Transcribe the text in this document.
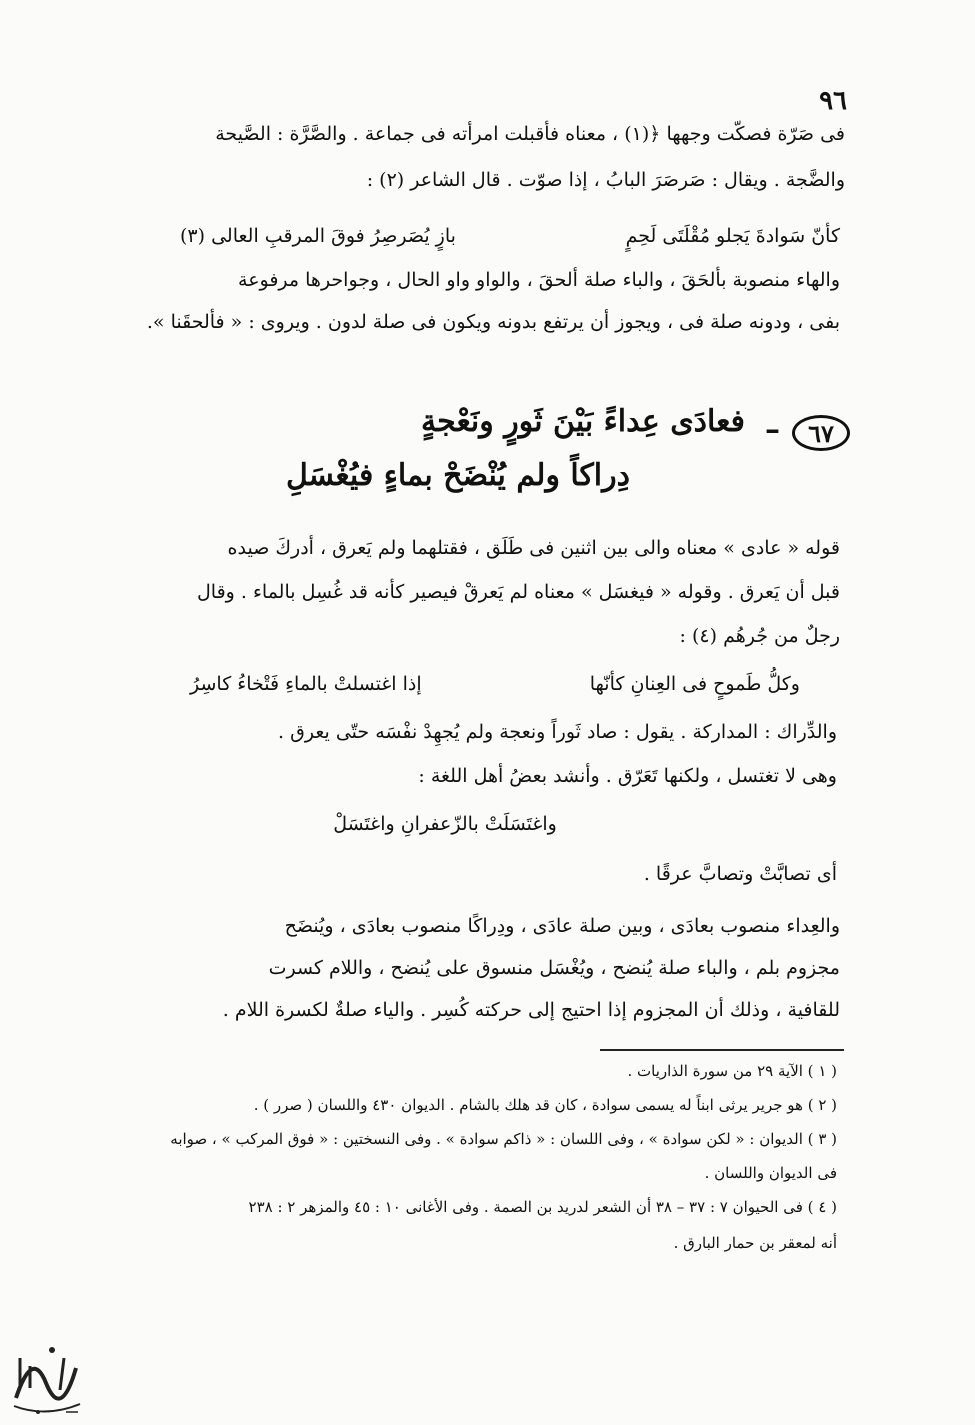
٩٦

فى صَرّة فصكّت وجهها ﴿(١) ، معناه فأقبلت امرأته فى جماعة . والصَّرَّة : الصَّيحة

والضَّجة . ويقال : صَرصَرَ البابُ ، إذا صوّت . قال الشاعر (٢) :

كأنّ سَوادةَ يَجلو مُقْلَتَى لَحِمٍ
بازٍ يُصَرصِرُ فوقَ المرقبِ العالى (٣)

والهاء منصوبة بألحَقَ ، والباء صلة ألحقَ ، والواو واو الحال ، وجواحرها مرفوعة

بفى ، ودونه صلة فى ، ويجوز أن يرتفع بدونه ويكون فى صلة لدون . ويروى : « فألحقَنا ».

٦٧
–
فعادَى عِداءً بَيْنَ ثَورٍ ونَعْجةٍ
دِراكاً ولم يُنْضَحْ بماءٍ فيُغْسَلِ

قوله « عادى » معناه والى بين اثنين فى طَلَق ، فقتلهما ولم يَعرق ، أدركَ صيده

قبل أن يَعرق . وقوله « فيغسَل » معناه لم يَعرقْ فيصير كأنه قد غُسِل بالماء . وقال

رجلٌ من جُرهُم (٤) :

وكلُّ طَموحٍ فى العِنانِ كأنّها
إذا اغتسلتْ بالماءِ فَتْخاءُ كاسِرُ

والدِّراك : المداركة . يقول : صاد ثَوراً ونعجة ولم يُجهِدْ نفْسَه حتّى يعرق .

وهى لا تغتسل ، ولكنها تَعَرّق . وأنشد بعضُ أهل اللغة :

واغتَسَلَتْ بالزّعفرانِ واغتَسَلْ

أى تصابَّتْ وتصابَّ عرقًا .

والعِداء منصوب بعادَى ، وبين صلة عادَى ، ودِراكًا منصوب بعادَى ، ويُنضَح

مجزوم بلم ، والباء صلة يُنضح ، ويُغْسَل منسوق على يُنضح ، واللام كسرت

للقافية ، وذلك أن المجزوم إذا احتيج إلى حركته كُسِر . والياء صلةٌ لكسرة اللام .

( ١ ) الآية ٢٩ من سورة الذاريات .

( ٢ ) هو جرير يرثى ابناً له يسمى سوادة ، كان قد هلك بالشام . الديوان ٤٣٠ واللسان ( صرر ) .

( ٣ ) الديوان : « لكن سوادة » ، وفى اللسان : « ذاكم سوادة » . وفى النسختين : « فوق المركب » ، صوابه

فى الديوان واللسان .

( ٤ ) فى الحيوان ٧ : ٣٧ – ٣٨ أن الشعر لدريد بن الصمة . وفى الأغانى ١٠ : ٤٥ والمزهر ٢ : ٢٣٨

أنه لمعقر بن حمار البارق .
